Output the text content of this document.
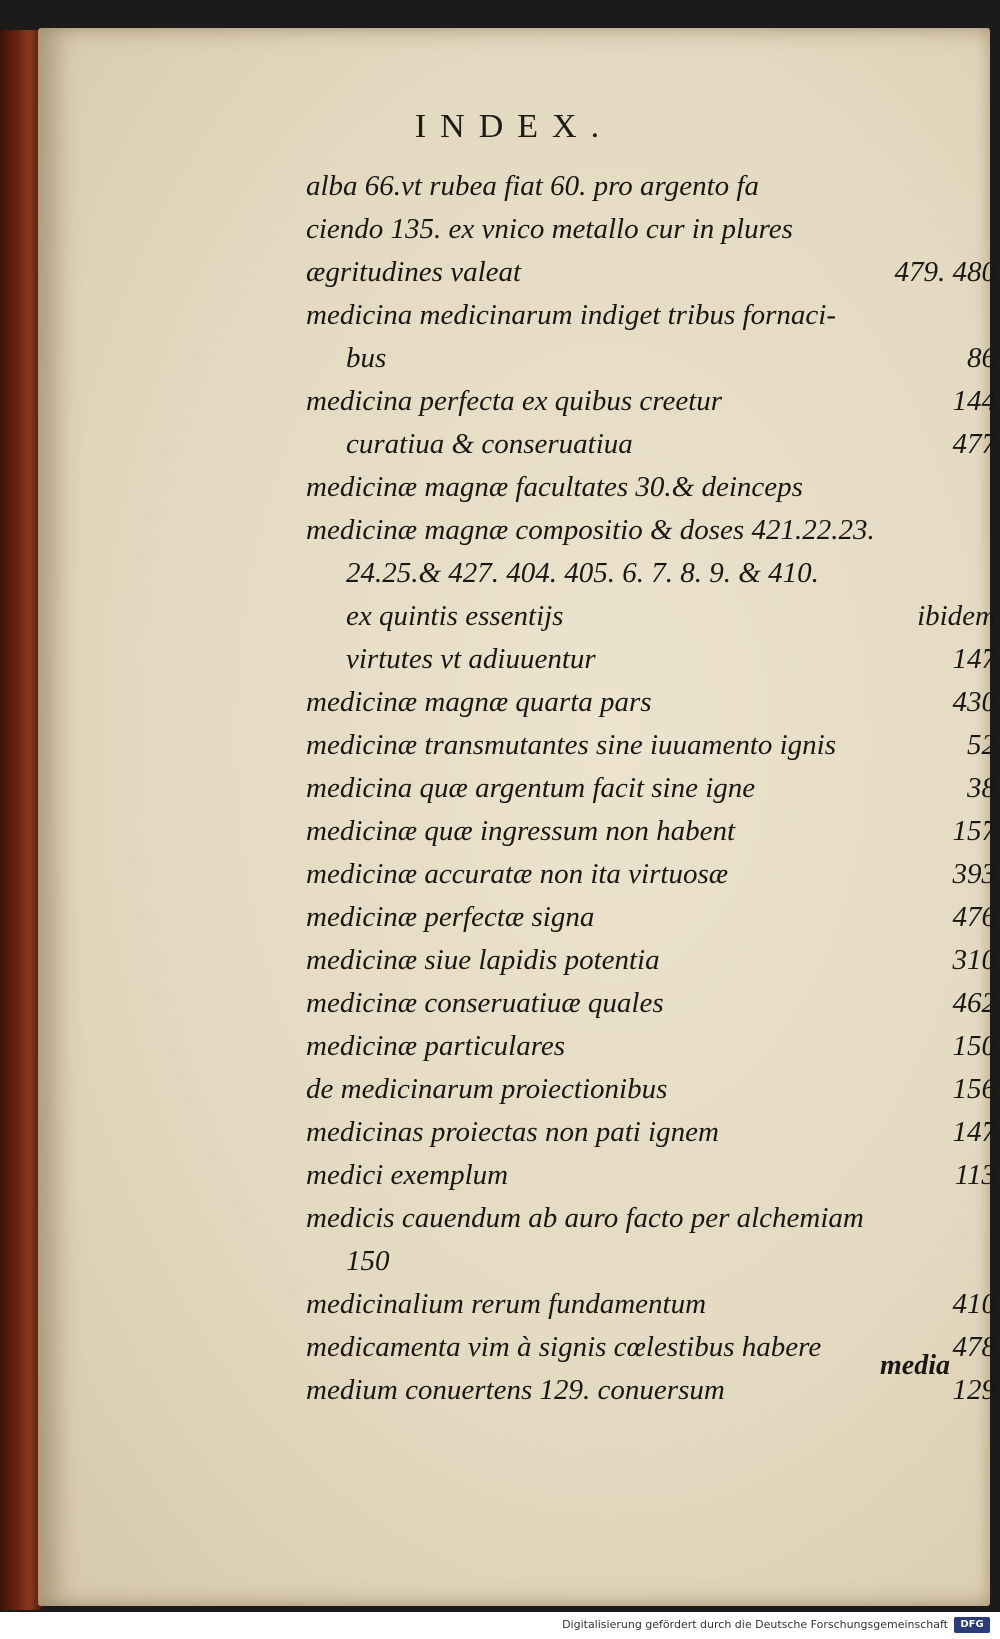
INDEX.
alba 66.vt rubea fiat 60. pro argento fa
ciendo 135. ex vnico metallo cur in plures
ægritudines valeat	479. 480
medicina medicinarum indiget tribus fornaci-
bus	86
medicina perfecta ex quibus creetur	144
curatiua & conseruatiua	477
medicinæ magnæ facultates 30.& deinceps
medicinæ magnæ compositio & doses 421.22.23.
24.25.& 427. 404. 405. 6. 7. 8. 9. & 410.
ex quintis essentijs	ibidem
virtutes vt adiuuentur	147
medicinæ magnæ quarta pars	430
medicinæ transmutantes sine iuuamento ignis	52
medicina quæ argentum facit sine igne	38
medicinæ quæ ingressum non habent	157
medicinæ accuratæ non ita virtuosæ	393
medicinæ perfectæ signa	476
medicinæ siue lapidis potentia	310
medicinæ conseruatiuæ quales	462
medicinæ particulares	150
de medicinarum proiectionibus	156
medicinas proiectas non pati ignem	147
medici exemplum	113
medicis cauendum ab auro facto per alchemiam
150
medicinalium rerum fundamentum	410
medicamenta vim à signis cœlestibus habere	478
medium conuertens 129. conuersum	129
media
Digitalisierung gefördert durch die Deutsche Forschungsgemeinschaft	DFG
